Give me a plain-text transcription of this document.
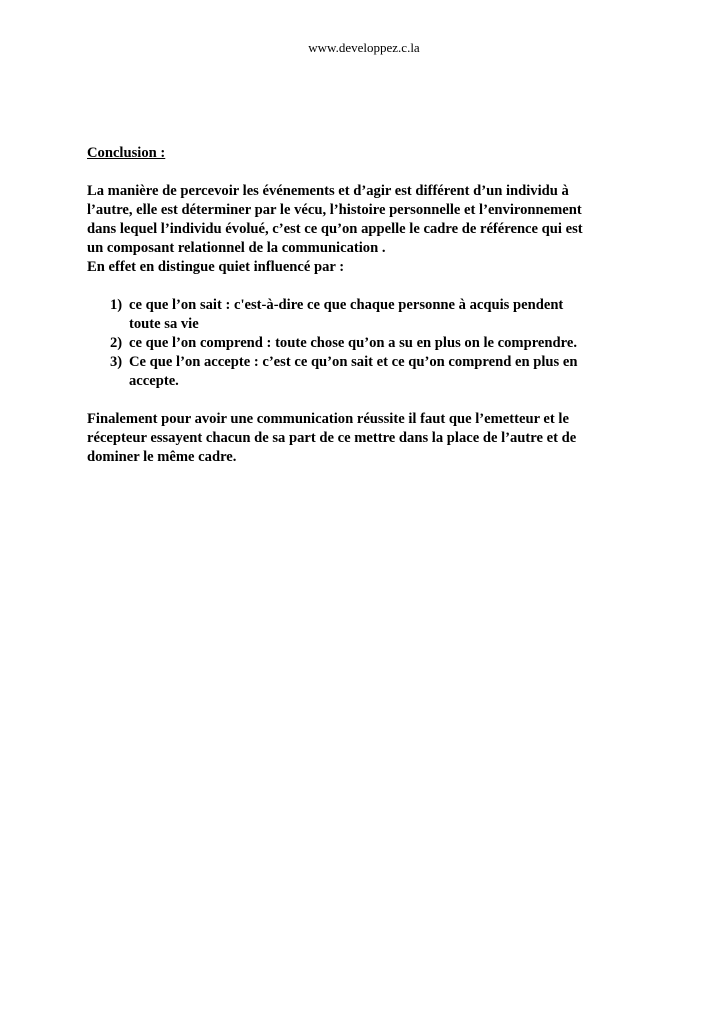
www.developpez.c.la

Conclusion :

La manière de percevoir les événements et d’agir est différent d’un individu à
l’autre, elle est déterminer par le vécu, l’histoire personnelle et l’environnement
dans lequel l’individu évolué, c’est ce qu’on appelle le cadre de référence qui est
un composant relationnel de la communication .
En effet en distingue quiet influencé par :

1) ce que l’on sait : c'est-à-dire ce que chaque personne à acquis pendent
toute sa vie
2) ce que l’on comprend : toute chose qu’on a su en plus on le comprendre.
3) Ce que l’on accepte : c’est ce qu’on sait et ce qu’on comprend en plus en
accepte.

Finalement pour avoir une communication réussite il faut que l’emetteur et le
récepteur essayent chacun de sa part de ce mettre dans la place de l’autre et de
dominer le même cadre.
